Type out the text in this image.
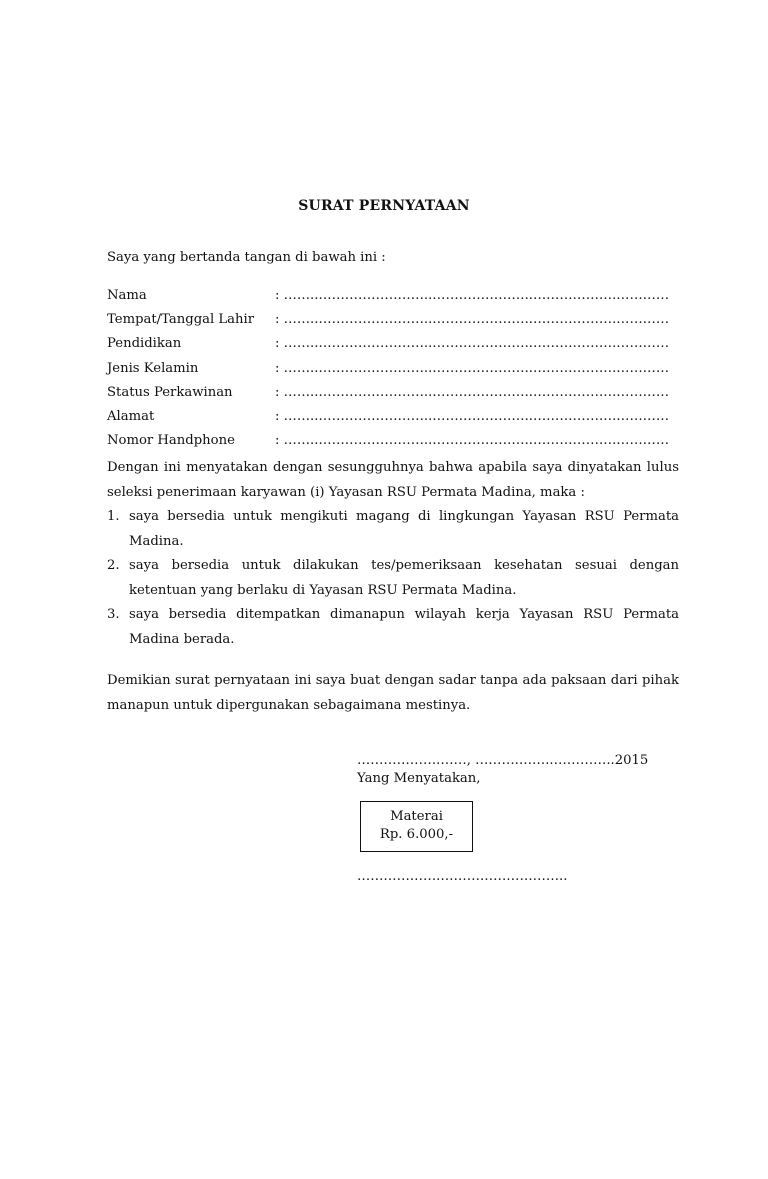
SURAT PERNYATAAN
Saya yang bertanda tangan di bawah ini :
Nama	: ……..……………………..…………………..……………….…………
Tempat/Tanggal Lahir	: ……..……………………..…………………..……………….…………
Pendidikan	: ……..……………………..…………………..……………….…………
Jenis Kelamin	: ……..……………………..…………………..……………….…………
Status Perkawinan	: ……..……………………..…………………..……………….…………
Alamat	: ……..……………………..…………………..……………….…………
Nomor Handphone	: ……..……………………..…………………..……………….…………
Dengan ini menyatakan dengan sesungguhnya bahwa apabila saya dinyatakan lulus seleksi penerimaan karyawan (i) Yayasan RSU Permata Madina, maka :
1. saya bersedia untuk mengikuti magang di lingkungan Yayasan RSU Permata Madina.
2. saya bersedia untuk dilakukan tes/pemeriksaan kesehatan sesuai dengan ketentuan yang berlaku di Yayasan RSU Permata Madina.
3. saya bersedia ditempatkan dimanapun wilayah kerja Yayasan RSU Permata Madina berada.
Demikian surat pernyataan ini saya buat dengan sadar tanpa ada paksaan dari pihak manapun untuk dipergunakan sebagaimana mestinya.
……………….……, ……….……..…………..2015
Yang Menyatakan,
Materai
Rp. 6.000,-
……………….………………………..
